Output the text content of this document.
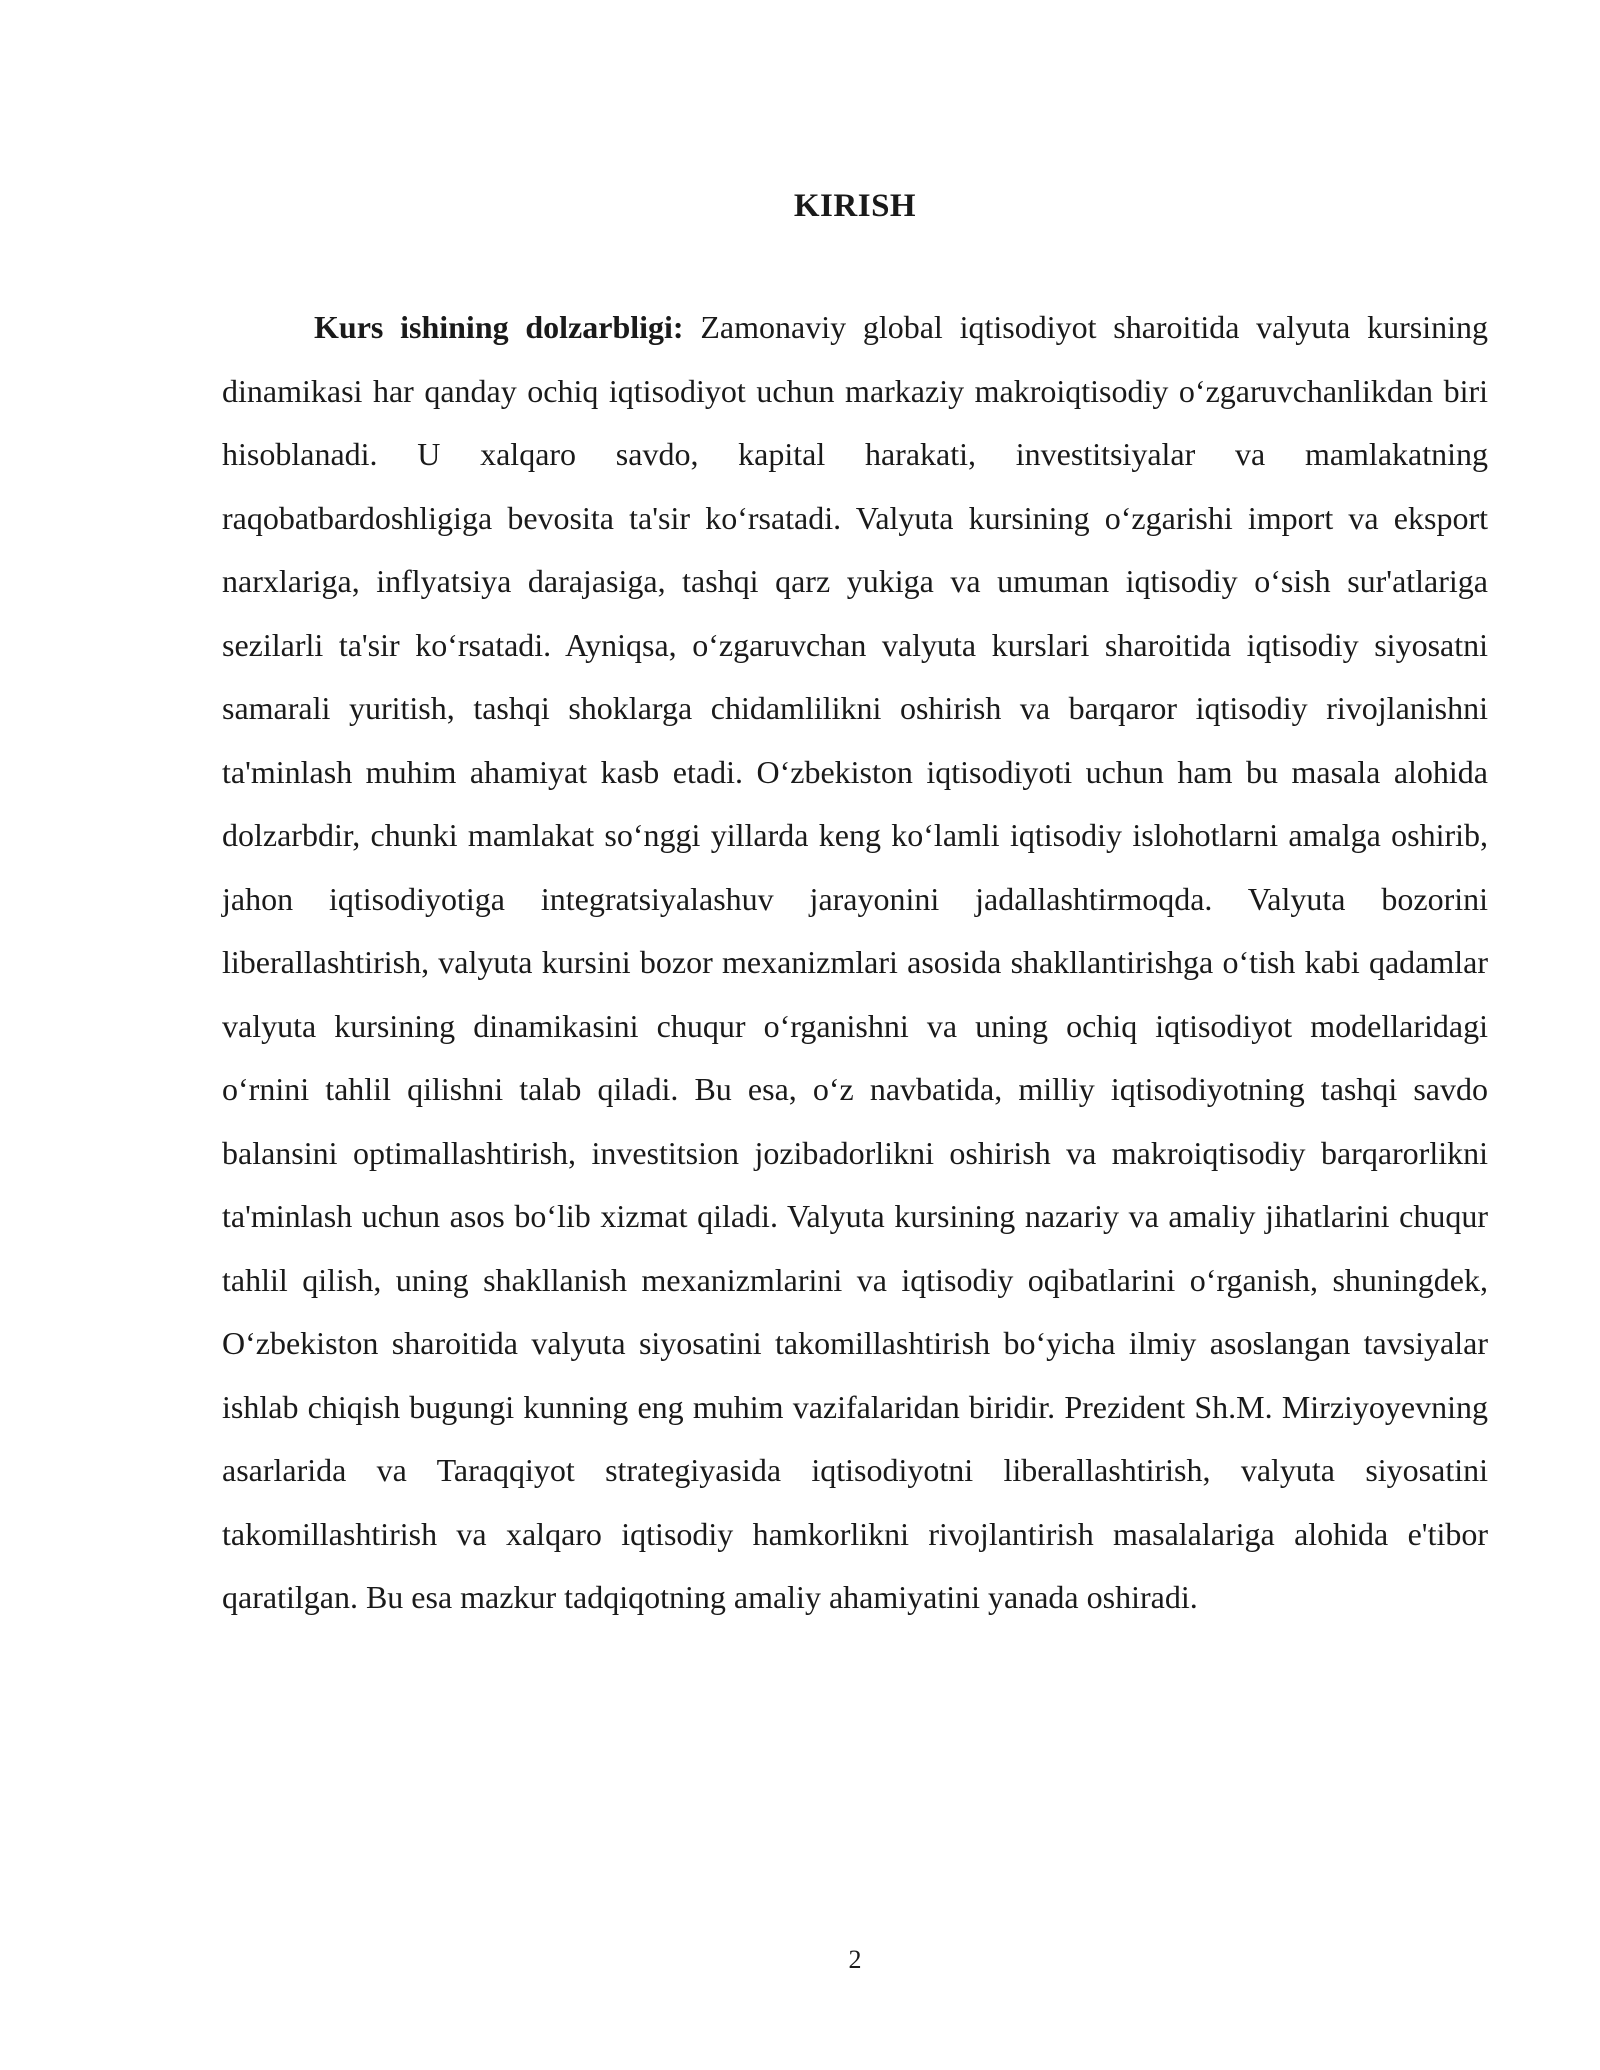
KIRISH

Kurs ishining dolzarbligi: Zamonaviy global iqtisodiyot sharoitida valyuta kursining dinamikasi har qanday ochiq iqtisodiyot uchun markaziy makroiqtisodiy o‘zgaruvchanlikdan biri hisoblanadi. U xalqaro savdo, kapital harakati, investitsiyalar va mamlakatning raqobatbardoshligiga bevosita ta'sir ko‘rsatadi. Valyuta kursining o‘zgarishi import va eksport narxlariga, inflyatsiya darajasiga, tashqi qarz yukiga va umuman iqtisodiy o‘sish sur'atlariga sezilarli ta'sir ko‘rsatadi. Ayniqsa, o‘zgaruvchan valyuta kurslari sharoitida iqtisodiy siyosatni samarali yuritish, tashqi shoklarga chidamlilikni oshirish va barqaror iqtisodiy rivojlanishni ta'minlash muhim ahamiyat kasb etadi. O‘zbekiston iqtisodiyoti uchun ham bu masala alohida dolzarbdir, chunki mamlakat so‘nggi yillarda keng ko‘lamli iqtisodiy islohotlarni amalga oshirib, jahon iqtisodiyotiga integratsiyalashuv jarayonini jadallashtirmoqda. Valyuta bozorini liberallashtirish, valyuta kursini bozor mexanizmlari asosida shakllantirishga o‘tish kabi qadamlar valyuta kursining dinamikasini chuqur o‘rganishni va uning ochiq iqtisodiyot modellaridagi o‘rnini tahlil qilishni talab qiladi. Bu esa, o‘z navbatida, milliy iqtisodiyotning tashqi savdo balansini optimallashtirish, investitsion jozibadorlikni oshirish va makroiqtisodiy barqarorlikni ta'minlash uchun asos bo‘lib xizmat qiladi. Valyuta kursining nazariy va amaliy jihatlarini chuqur tahlil qilish, uning shakllanish mexanizmlarini va iqtisodiy oqibatlarini o‘rganish, shuningdek, O‘zbekiston sharoitida valyuta siyosatini takomillashtirish bo‘yicha ilmiy asoslangan tavsiyalar ishlab chiqish bugungi kunning eng muhim vazifalaridan biridir. Prezident Sh.M. Mirziyoyevning asarlarida va Taraqqiyot strategiyasida iqtisodiyotni liberallashtirish, valyuta siyosatini takomillashtirish va xalqaro iqtisodiy hamkorlikni rivojlantirish masalalariga alohida e'tibor qaratilgan. Bu esa mazkur tadqiqotning amaliy ahamiyatini yanada oshiradi.

2
